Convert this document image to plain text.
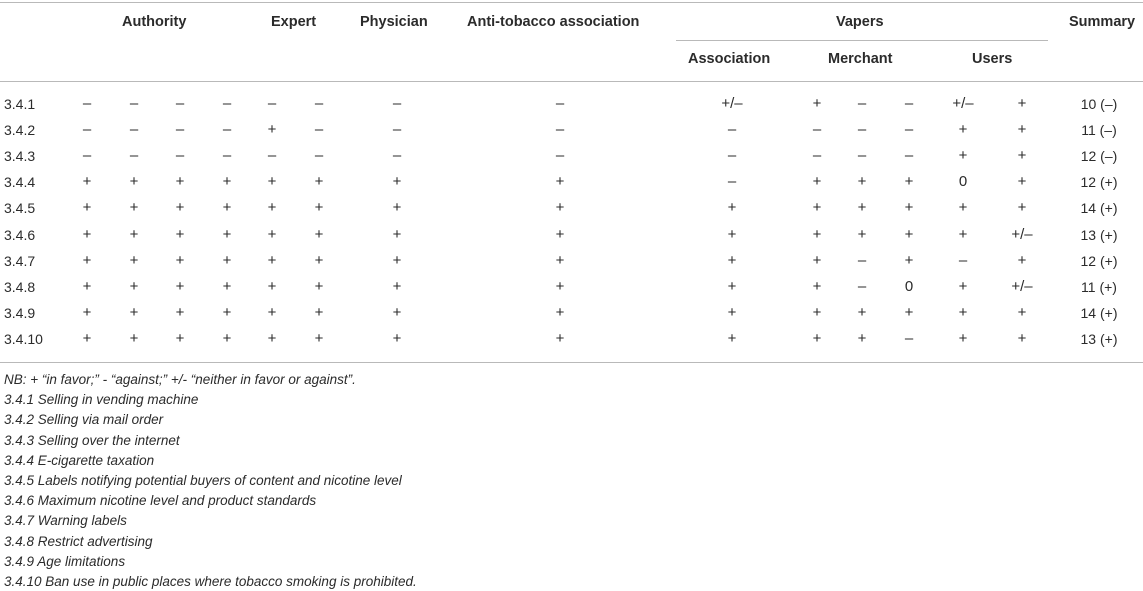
Authority	Expert	Physician	Anti-tobacco association	Vapers	Summary
Association	Merchant	Users
3.4.1	–	–	–	– –	–	–	–	+/–	+ –	–	+/–	+	10 (–)
3.4.2	–	–	–	– +	–	–	–	–	– –	–	+	+	11 (–)
3.4.3	–	–	–	– –	–	–	–	–	– –	–	+	+	12 (–)
3.4.4	+	+ +	+ +	+	+	+	–	+ +	+	0	+	12 (+)
3.4.5	+	+ +	+ +	+	+	+	+	+ +	+	+	+	14 (+)
3.4.6	+	+ +	+ +	+	+	+	+	+ +	+	+	+/–	13 (+)
3.4.7	+	+ +	+ +	+	+	+	+	+ –	+	–	+	12 (+)
3.4.8	+	+ +	+ +	+	+	+	+	+ –	0	+	+/–	11 (+)
3.4.9	+	+ +	+ +	+	+	+	+	+ +	+	+	+	14 (+)
3.4.10	+	+ +	+ +	+	+	+	+	+ +	–	+	+	13 (+)
NB: + “in favor;” - “against;” +/- “neither in favor or against”.
3.4.1 Selling in vending machine
3.4.2 Selling via mail order
3.4.3 Selling over the internet
3.4.4 E-cigarette taxation
3.4.5 Labels notifying potential buyers of content and nicotine level
3.4.6 Maximum nicotine level and product standards
3.4.7 Warning labels
3.4.8 Restrict advertising
3.4.9 Age limitations
3.4.10 Ban use in public places where tobacco smoking is prohibited.
